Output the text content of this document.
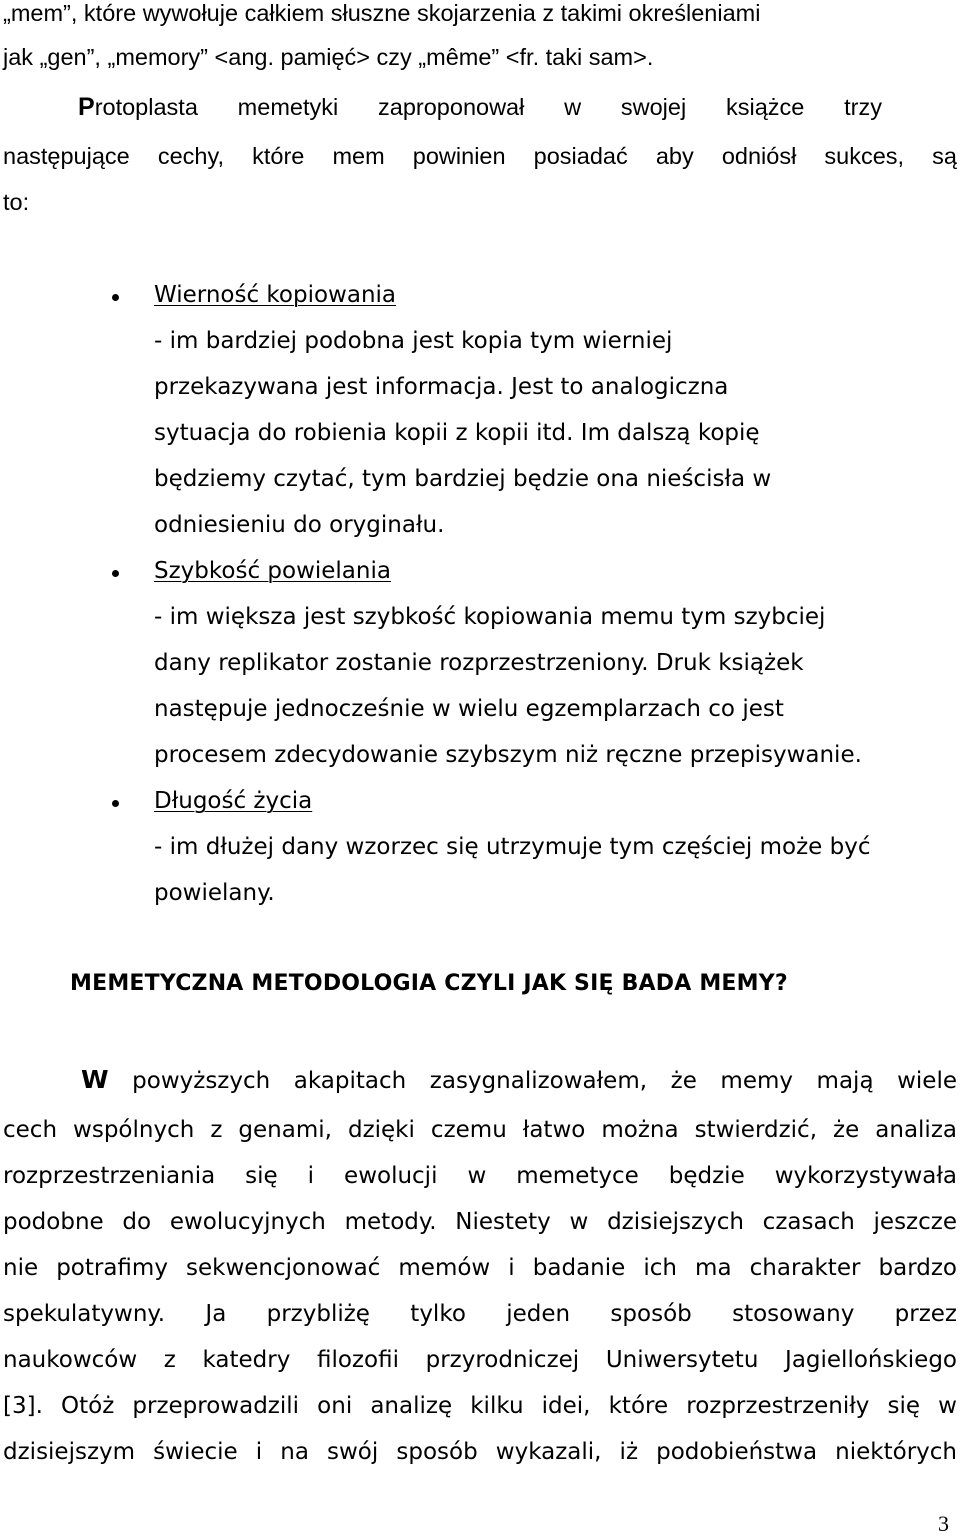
„mem”, które wywołuje całkiem słuszne skojarzenia z takimi określeniami
jak „gen”, „memory” <ang. pamięć> czy „même” <fr. taki sam>.
Protoplasta memetyki zaproponował w swojej książce trzy
następujące cechy, które mem powinien posiadać aby odniósł sukces, są
to:
Wierność kopiowania
- im bardziej podobna jest kopia tym wierniej
przekazywana jest informacja. Jest to analogiczna
sytuacja do robienia kopii z kopii itd. Im dalszą kopię
będziemy czytać, tym bardziej będzie ona nieścisła w
odniesieniu do oryginału.
Szybkość powielania
- im większa jest szybkość kopiowania memu tym szybciej
dany replikator zostanie rozprzestrzeniony. Druk książek
następuje jednocześnie w wielu egzemplarzach co jest
procesem zdecydowanie szybszym niż ręczne przepisywanie.
Długość życia
- im dłużej dany wzorzec się utrzymuje tym częściej może być
powielany.
MEMETYCZNA METODOLOGIA CZYLI JAK SIĘ BADA MEMY?
W powyższych akapitach zasygnalizowałem, że memy mają wiele
cech wspólnych z genami, dzięki czemu łatwo można stwierdzić, że analiza
rozprzestrzeniania się i ewolucji w memetyce będzie wykorzystywała
podobne do ewolucyjnych metody. Niestety w dzisiejszych czasach jeszcze
nie potrafimy sekwencjonować memów i badanie ich ma charakter bardzo
spekulatywny. Ja przybliżę tylko jeden sposób stosowany przez
naukowców z katedry filozofii przyrodniczej Uniwersytetu Jagiellońskiego
[3]. Otóż przeprowadzili oni analizę kilku idei, które rozprzestrzeniły się w
dzisiejszym świecie i na swój sposób wykazali, iż podobieństwa niektórych
3
